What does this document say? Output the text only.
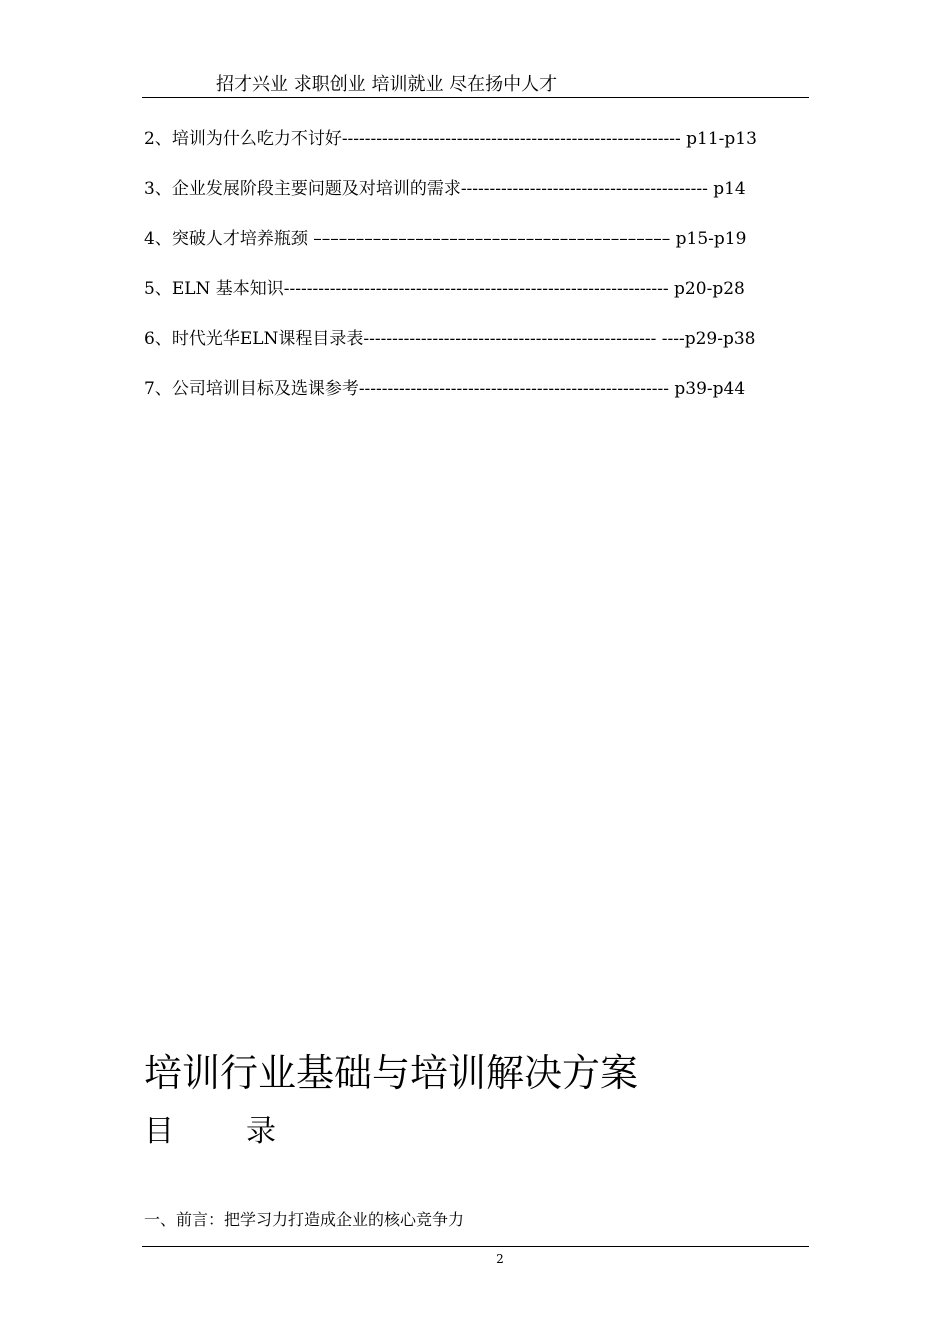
招才兴业 求职创业 培训就业 尽在扬中人才
2、培训为什么吃力不讨好----------------------------------------------------------- p11-p13
3、企业发展阶段主要问题及对培训的需求------------------------------------------- p14
4、突破人才培养瓶颈 –––––––––––––––––––––––––––––––––––––––––– p15-p19
5、ELN 基本知识------------------------------------------------------------------- p20-p28
6、时代光华ELN课程目录表--------------------------------------------------- ----p29-p38
7、公司培训目标及选课参考------------------------------------------------------ p39-p44
培训行业基础与培训解决方案
目 录
一、前言：把学习力打造成企业的核心竞争力
2
